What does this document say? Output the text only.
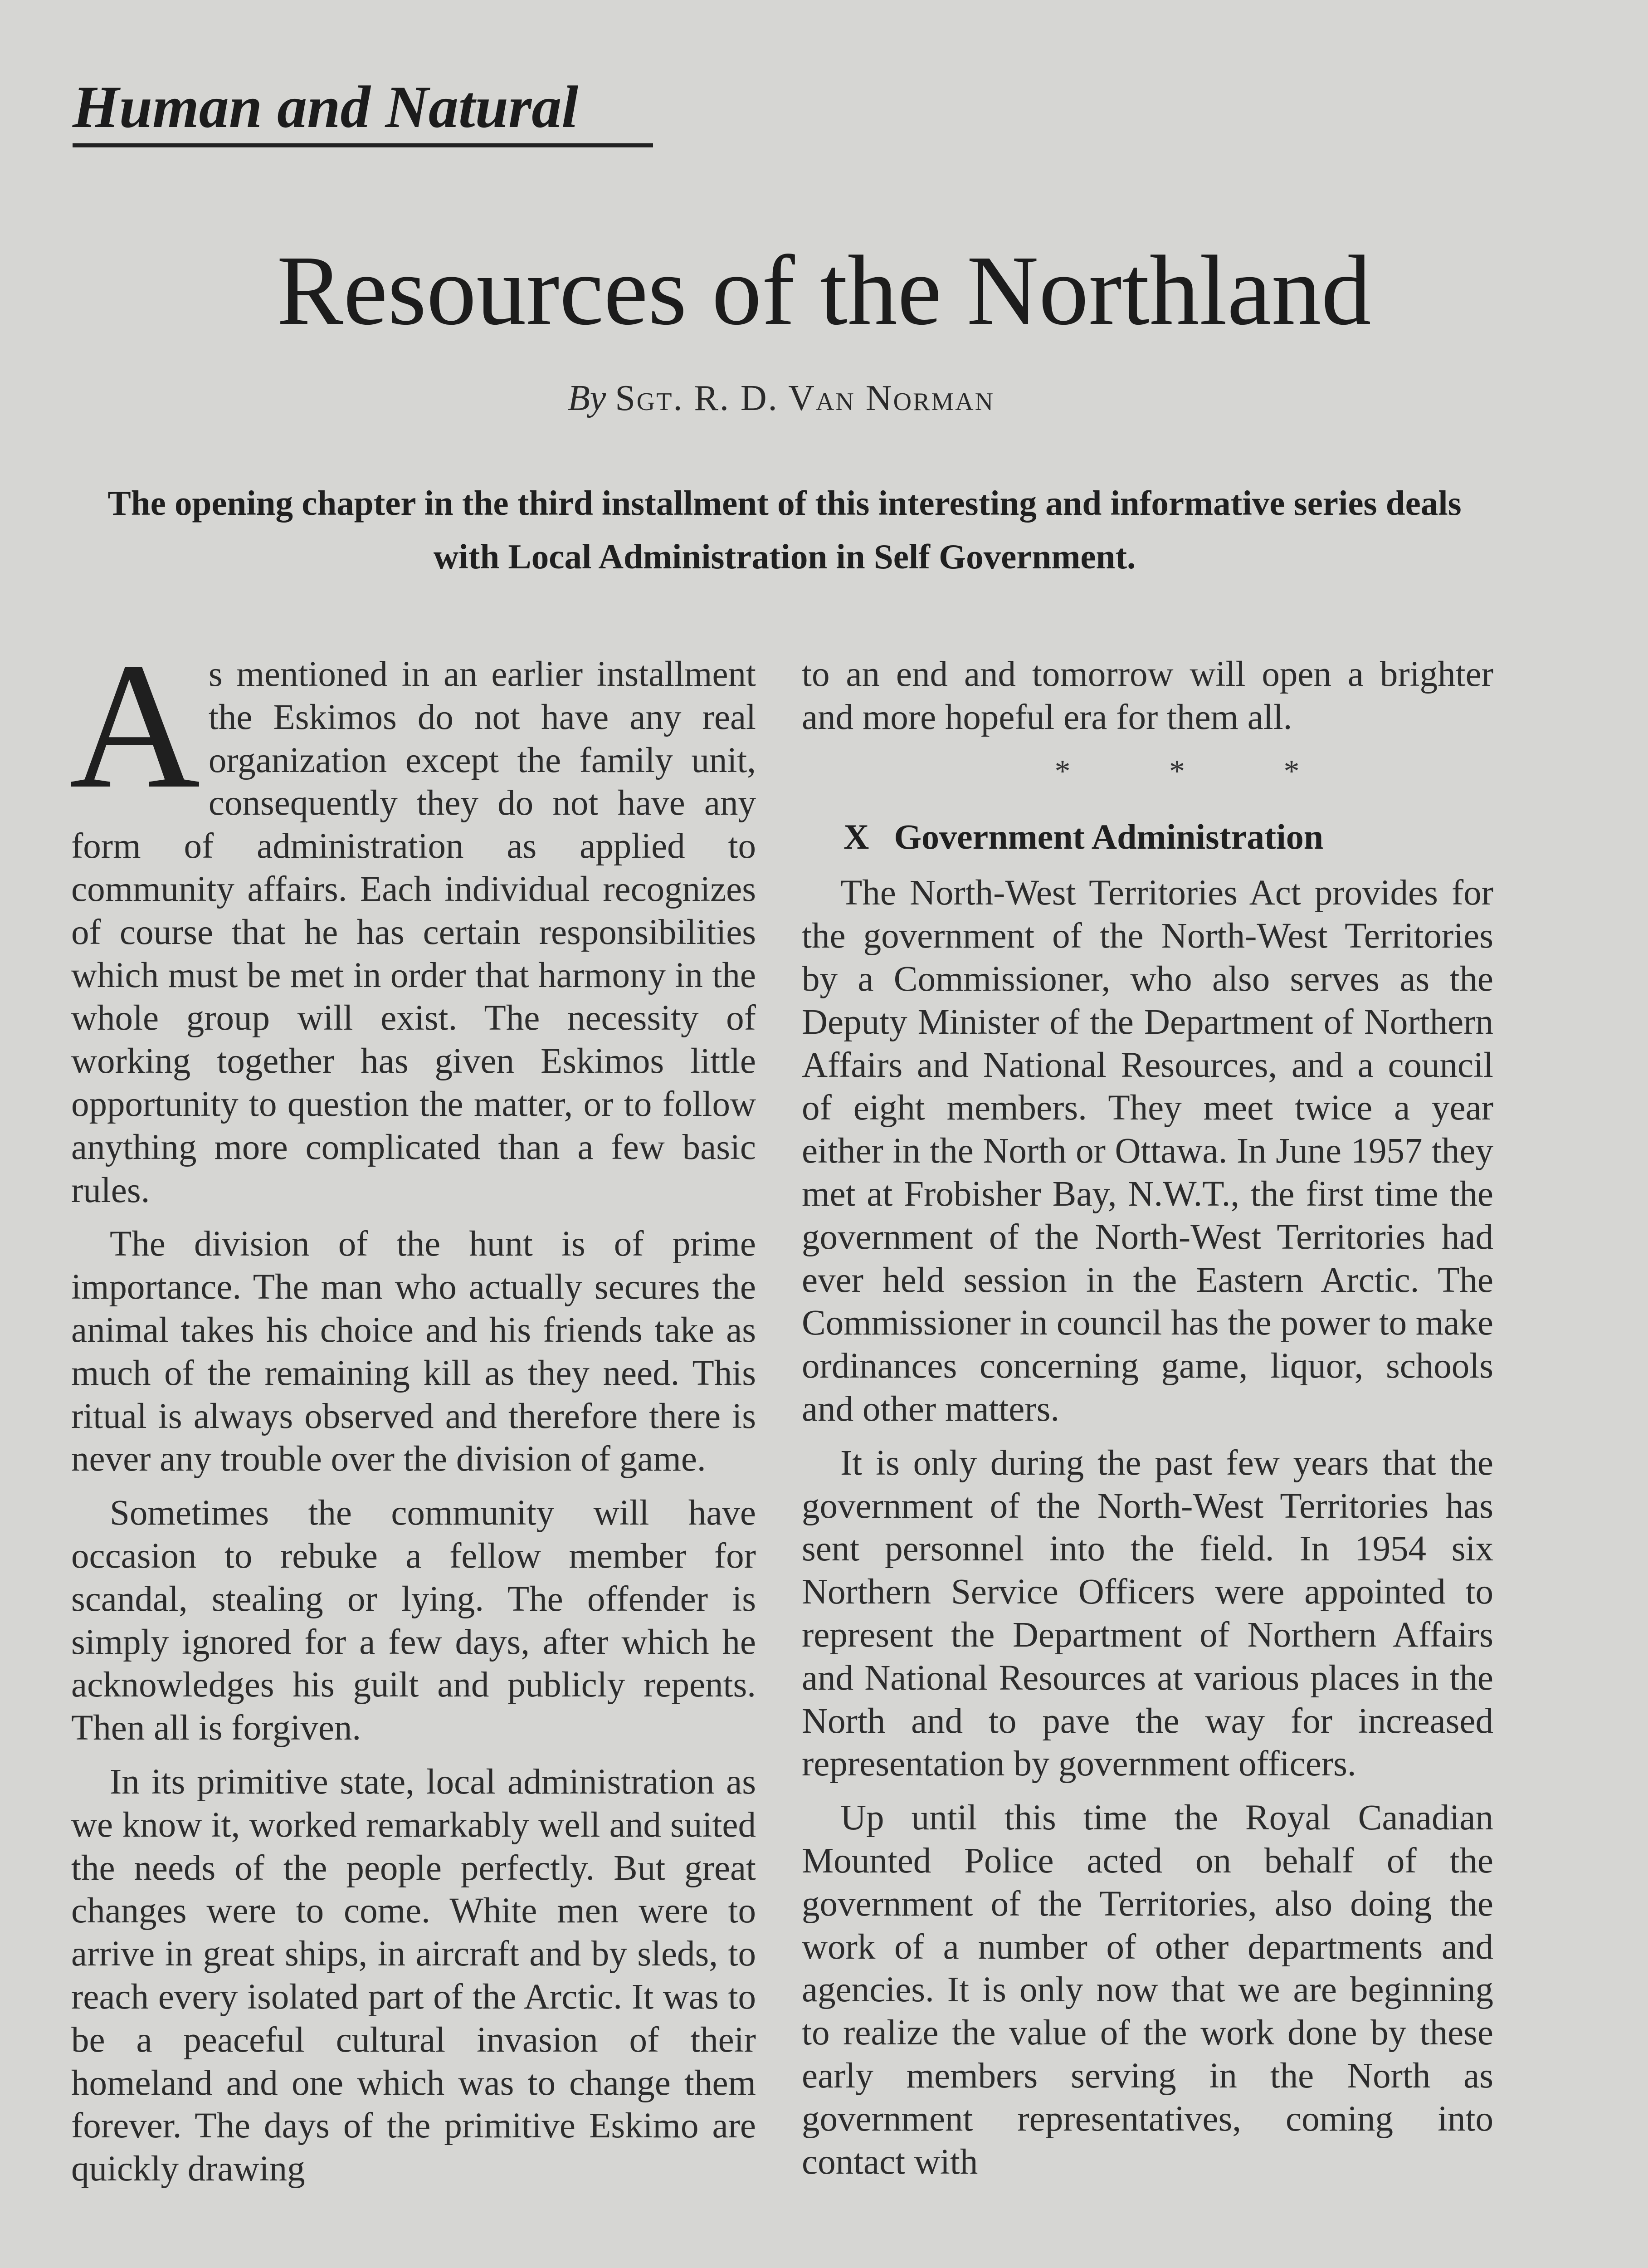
Human and Natural
Resources of the Northland
By Sgt. R. D. Van Norman

The opening chapter in the third installment of this interesting and informative series deals with Local Administration in Self Government.

As mentioned in an earlier installment the Eskimos do not have any real organization except the family unit, consequently they do not have any form of administration as applied to community affairs. Each individual recognizes of course that he has certain responsibilities which must be met in order that harmony in the whole group will exist. The necessity of working together has given Eskimos little opportunity to question the matter, or to follow anything more complicated than a few basic rules.

The division of the hunt is of prime importance. The man who actually secures the animal takes his choice and his friends take as much of the remaining kill as they need. This ritual is always observed and therefore there is never any trouble over the division of game.

Sometimes the community will have occasion to rebuke a fellow member for scandal, stealing or lying. The offender is simply ignored for a few days, after which he acknowledges his guilt and publicly repents. Then all is forgiven.

In its primitive state, local administration as we know it, worked remarkably well and suited the needs of the people perfectly. But great changes were to come. White men were to arrive in great ships, in aircraft and by sleds, to reach every isolated part of the Arctic. It was to be a peaceful cultural invasion of their homeland and one which was to change them forever. The days of the primitive Eskimo are quickly drawing

to an end and tomorrow will open a brighter and more hopeful era for them all.

* * *
X Government Administration

The North-West Territories Act provides for the government of the North-West Territories by a Commissioner, who also serves as the Deputy Minister of the Department of Northern Affairs and National Resources, and a council of eight members. They meet twice a year either in the North or Ottawa. In June 1957 they met at Frobisher Bay, N.W.T., the first time the government of the North-West Territories had ever held session in the Eastern Arctic. The Commissioner in council has the power to make ordinances concerning game, liquor, schools and other matters.

It is only during the past few years that the government of the North-West Territories has sent personnel into the field. In 1954 six Northern Service Officers were appointed to represent the Department of Northern Affairs and National Resources at various places in the North and to pave the way for increased representation by government officers.

Up until this time the Royal Canadian Mounted Police acted on behalf of the government of the Territories, also doing the work of a number of other departments and agencies. It is only now that we are beginning to realize the value of the work done by these early members serving in the North as government representatives, coming into contact with
